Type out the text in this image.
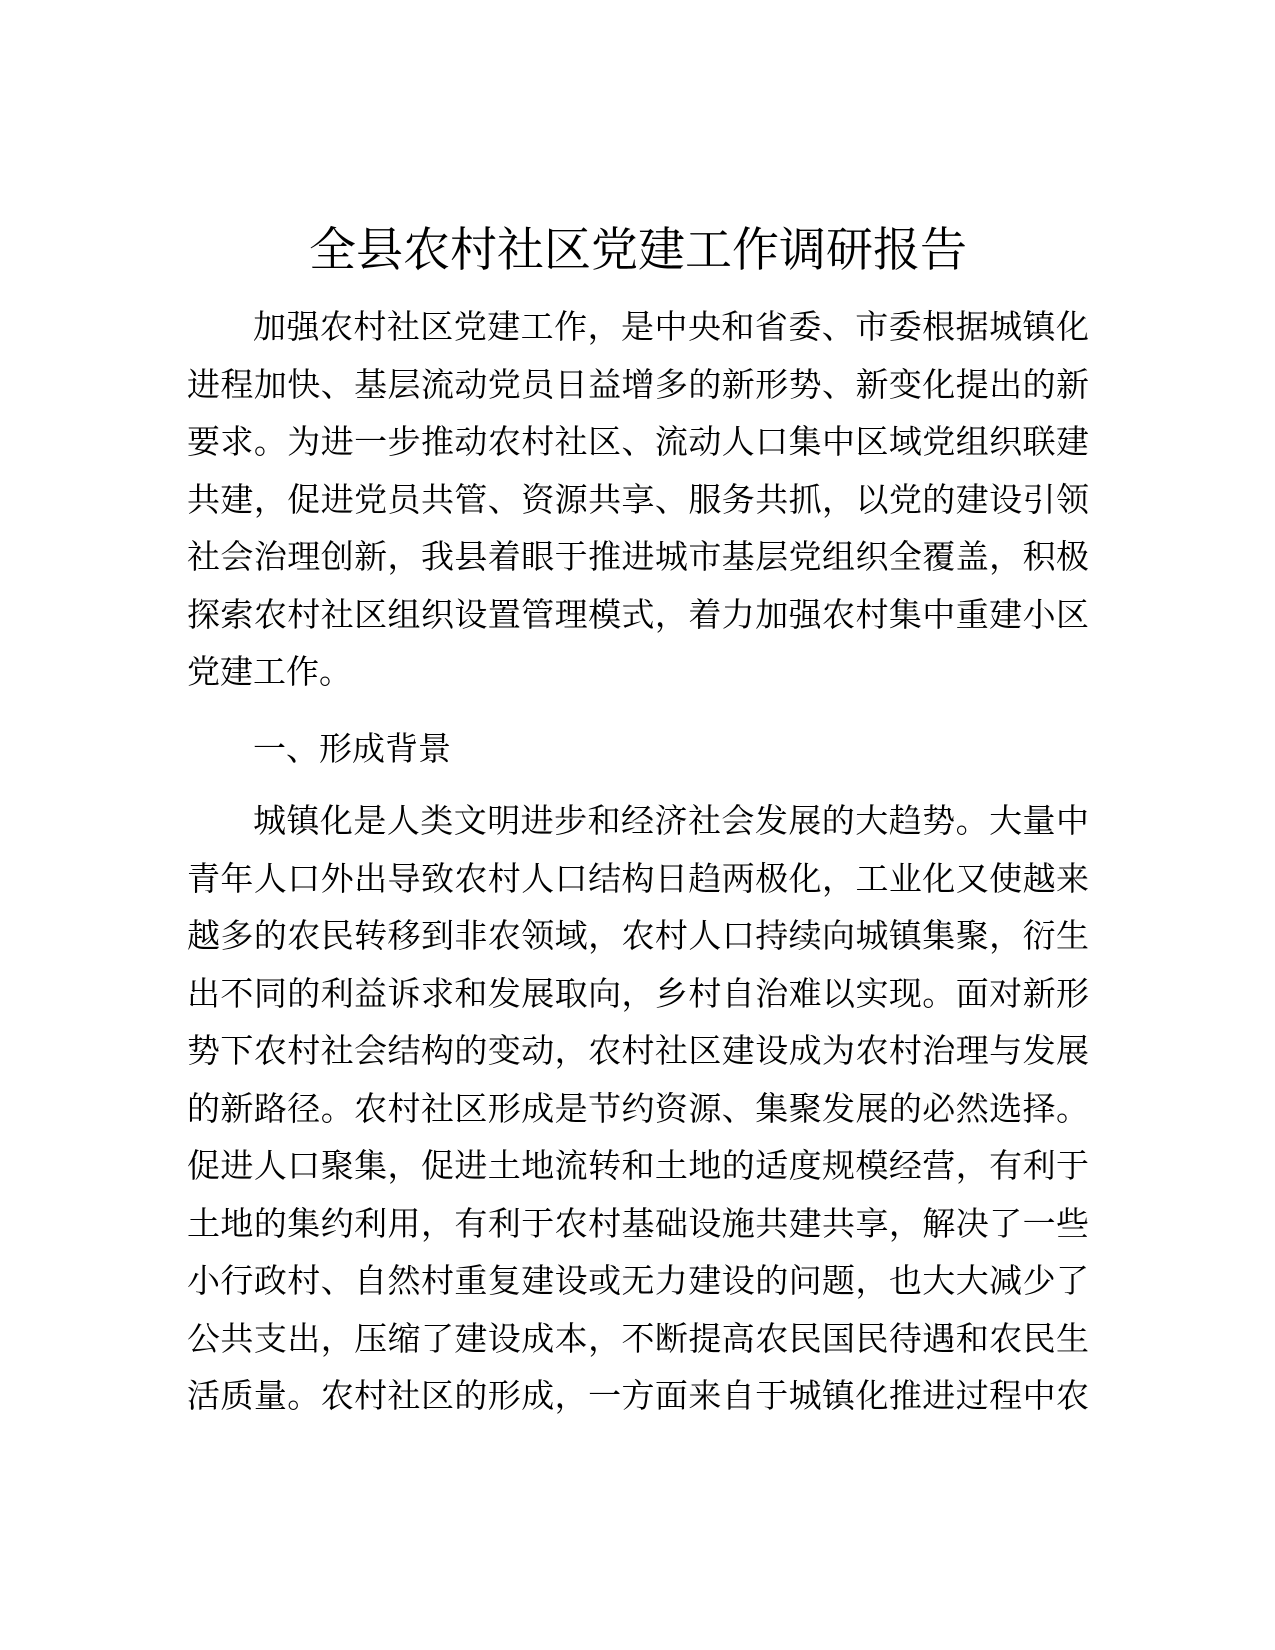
全县农村社区党建工作调研报告
加强农村社区党建工作，是中央和省委、市委根据城镇化
进程加快、基层流动党员日益增多的新形势、新变化提出的新
要求。为进一步推动农村社区、流动人口集中区域党组织联建
共建，促进党员共管、资源共享、服务共抓，以党的建设引领
社会治理创新，我县着眼于推进城市基层党组织全覆盖，积极
探索农村社区组织设置管理模式，着力加强农村集中重建小区
党建工作。
一、形成背景
城镇化是人类文明进步和经济社会发展的大趋势。大量中
青年人口外出导致农村人口结构日趋两极化，工业化又使越来
越多的农民转移到非农领域，农村人口持续向城镇集聚，衍生
出不同的利益诉求和发展取向，乡村自治难以实现。面对新形
势下农村社会结构的变动，农村社区建设成为农村治理与发展
的新路径。农村社区形成是节约资源、集聚发展的必然选择。
促进人口聚集，促进土地流转和土地的适度规模经营，有利于
土地的集约利用，有利于农村基础设施共建共享，解决了一些
小行政村、自然村重复建设或无力建设的问题，也大大减少了
公共支出，压缩了建设成本，不断提高农民国民待遇和农民生
活质量。农村社区的形成，一方面来自于城镇化推进过程中农
